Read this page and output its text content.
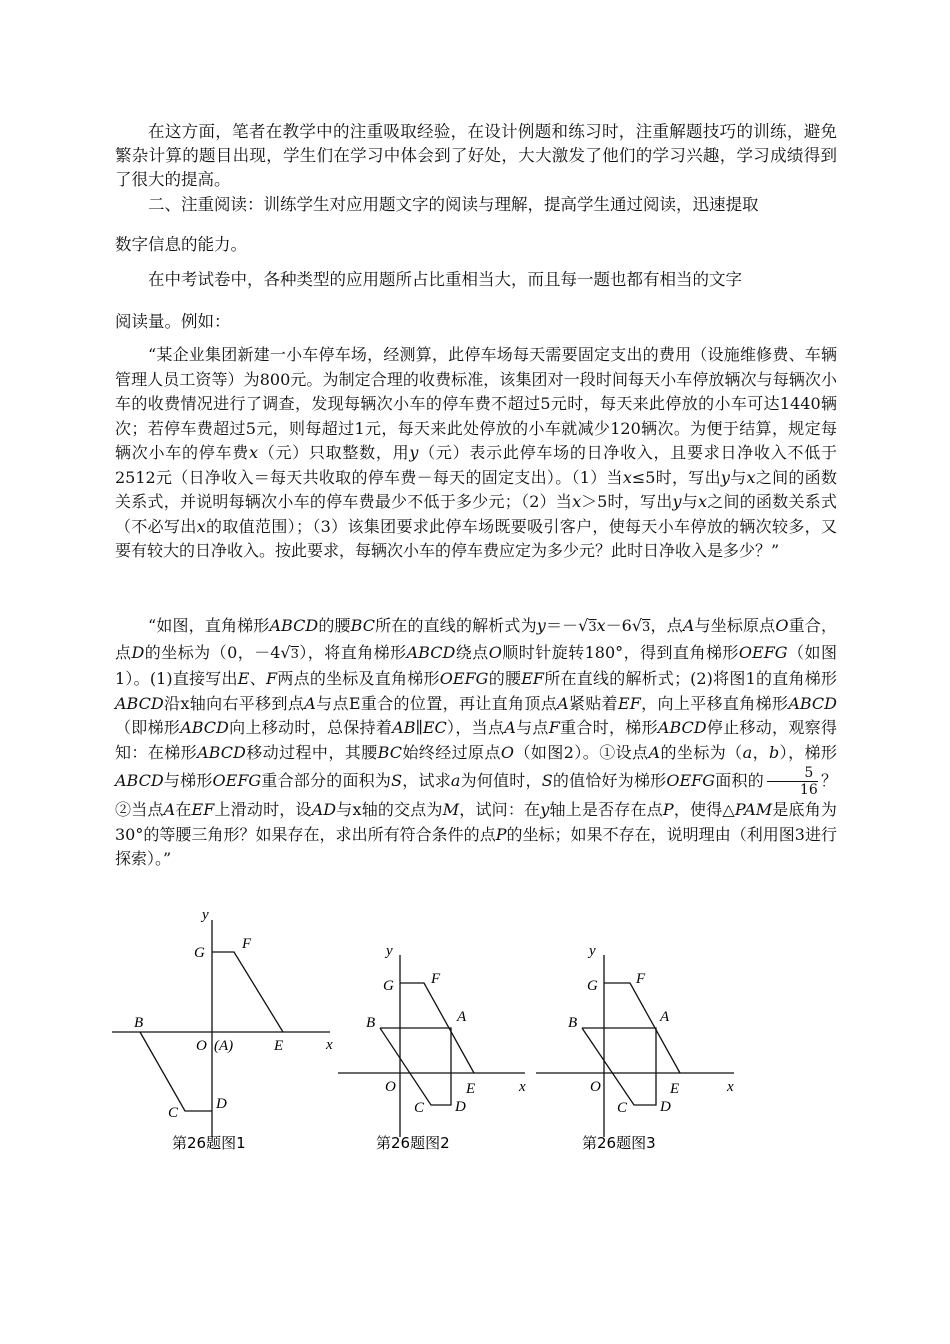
在这方面，笔者在教学中的注重吸取经验，在设计例题和练习时，注重解题技巧的训练，避免繁杂计算的题目出现，学生们在学习中体会到了好处，大大激发了他们的学习兴趣，学习成绩得到了很大的提高。
二、注重阅读：训练学生对应用题文字的阅读与理解，提高学生通过阅读，迅速提取
数字信息的能力。
在中考试卷中，各种类型的应用题所占比重相当大，而且每一题也都有相当的文字
阅读量。例如：
“某企业集团新建一小车停车场，经测算，此停车场每天需要固定支出的费用（设施维修费、车辆管理人员工资等）为800元。为制定合理的收费标准，该集团对一段时间每天小车停放辆次与每辆次小车的收费情况进行了调查，发现每辆次小车的停车费不超过5元时，每天来此停放的小车可达1440辆次；若停车费超过5元，则每超过1元，每天来此处停放的小车就减少120辆次。为便于结算，规定每辆次小车的停车费x（元）只取整数，用y（元）表示此停车场的日净收入，且要求日净收入不低于2512元（日净收入＝每天共收取的停车费－每天的固定支出）。（1）当x≤5时，写出y与x之间的函数关系式，并说明每辆次小车的停车费最少不低于多少元；（2）当x＞5时，写出y与x之间的函数关系式（不必写出x的取值范围）；（3）该集团要求此停车场既要吸引客户，使每天小车停放的辆次较多，又要有较大的日净收入。按此要求，每辆次小车的停车费应定为多少元？此时日净收入是多少？”
“如图，直角梯形ABCD的腰BC所在的直线的解析式为y＝－√3x－6√3，点A与坐标原点O重合，点D的坐标为（0，－4√3），将直角梯形ABCD绕点O顺时针旋转180°，得到直角梯形OEFG（如图1）。(1)直接写出E、F两点的坐标及直角梯形OEFG的腰EF所在直线的解析式；(2)将图1的直角梯形ABCD沿x轴向右平移到点A与点E重合的位置，再让直角顶点A紧贴着EF，向上平移直角梯形ABCD（即梯形ABCD向上移动时，总保持着AB∥EC），当点A与点F重合时，梯形ABCD停止移动，观察得知：在梯形ABCD移动过程中，其腰BC始终经过原点O（如图2）。①设点A的坐标为（a，b），梯形ABCD与梯形OEFG重合部分的面积为S，试求a为何值时，S的值恰好为梯形OEFG面积的 $\frac{5}{16}$ ？②当点A在EF上滑动时，设AD与x轴的交点为M，试问：在y轴上是否存在点P，使得△PAM是底角为30°的等腰三角形？如果存在，求出所有符合条件的点P的坐标；如果不存在，说明理由（利用图3进行探索）。”
y
x
G
F
B
O (A)	E
D
C
y
x
G F
B	A
O	E
C D
y
x
G	F
B	A
O	E
C D
第26题图1	第26题图2	第26题图3
